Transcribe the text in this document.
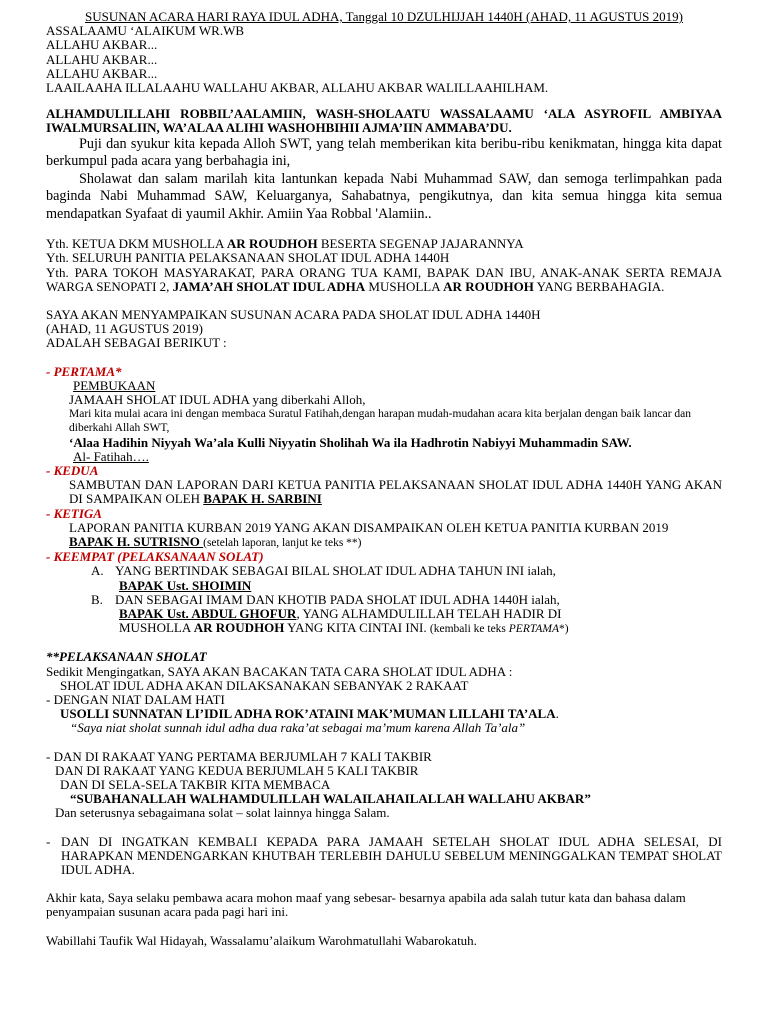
SUSUNAN ACARA HARI RAYA IDUL ADHA, Tanggal 10 DZULHIJJAH 1440H (AHAD, 11 AGUSTUS 2019)

ASSALAAMU ‘ALAIKUM WR.WB

ALLAHU AKBAR...

ALLAHU AKBAR...

ALLAHU AKBAR...

LAAILAAHA ILLALAAHU WALLAHU AKBAR, ALLAHU AKBAR WALILLAAHILHAM.

ALHAMDULILLAHI ROBBIL’AALAMIIN, WASH-SHOLAATU WASSALAAMU ‘ALA ASYROFIL AMBIYAA IWALMURSALIIN, WA’ALAA ALIHI WASHOHBIHII AJMA’IIN AMMABA’DU.

Puji dan syukur kita kepada Alloh SWT, yang telah memberikan kita beribu-ribu kenikmatan, hingga kita dapat berkumpul pada acara yang berbahagia ini,

Sholawat dan salam marilah kita lantunkan kepada Nabi Muhammad SAW, dan semoga terlimpahkan pada baginda Nabi Muhammad SAW, Keluarganya, Sahabatnya, pengikutnya, dan kita semua hingga kita semua mendapatkan Syafaat di yaumil Akhir. Amiin Yaa Robbal 'Alamiin..

Yth. KETUA DKM MUSHOLLA AR ROUDHOH BESERTA SEGENAP JAJARANNYA

Yth. SELURUH PANITIA PELAKSANAAN SHOLAT IDUL ADHA 1440H

Yth. PARA TOKOH MASYARAKAT, PARA ORANG TUA KAMI, BAPAK DAN IBU, ANAK-ANAK SERTA REMAJA WARGA SENOPATI 2, JAMA’AH SHOLAT IDUL ADHA MUSHOLLA AR ROUDHOH YANG BERBAHAGIA.

SAYA AKAN MENYAMPAIKAN SUSUNAN ACARA PADA SHOLAT IDUL ADHA 1440H

(AHAD, 11 AGUSTUS 2019)

ADALAH SEBAGAI BERIKUT :

- PERTAMA*

PEMBUKAAN

JAMAAH SHOLAT IDUL ADHA yang diberkahi Alloh,

Mari kita mulai acara ini dengan membaca Suratul Fatihah,dengan harapan mudah-mudahan acara kita berjalan dengan baik lancar dan diberkahi Allah SWT,

‘Alaa Hadihin Niyyah Wa’ala Kulli Niyyatin Sholihah Wa ila Hadhrotin Nabiyyi Muhammadin SAW.

Al- Fatihah….

- KEDUA

SAMBUTAN DAN LAPORAN DARI KETUA PANITIA PELAKSANAAN SHOLAT IDUL ADHA 1440H YANG AKAN DI SAMPAIKAN OLEH BAPAK H. SARBINI

- KETIGA

LAPORAN PANITIA KURBAN 2019 YANG AKAN DISAMPAIKAN OLEH KETUA PANITIA KURBAN 2019

BAPAK H. SUTRISNO (setelah laporan, lanjut ke teks **)

- KEEMPAT (PELAKSANAAN SOLAT)

A. YANG BERTINDAK SEBAGAI BILAL SHOLAT IDUL ADHA TAHUN INI ialah,

BAPAK Ust. SHOIMIN

B. DAN SEBAGAI IMAM DAN KHOTIB PADA SHOLAT IDUL ADHA 1440H ialah,

BAPAK Ust. ABDUL GHOFUR, YANG ALHAMDULILLAH TELAH HADIR DI

MUSHOLLA AR ROUDHOH YANG KITA CINTAI INI. (kembali ke teks PERTAMA*)

**PELAKSANAAN SHOLAT

Sedikit Mengingatkan, SAYA AKAN BACAKAN TATA CARA SHOLAT IDUL ADHA :

SHOLAT IDUL ADHA AKAN DILAKSANAKAN SEBANYAK 2 RAKAAT

- DENGAN NIAT DALAM HATI

USOLLI SUNNATAN LI’IDIL ADHA ROK’ATAINI MAK’MUMAN LILLAHI TA’ALA.

“Saya niat sholat sunnah idul adha dua raka’at sebagai ma’mum karena Allah Ta’ala”

- DAN DI RAKAAT YANG PERTAMA BERJUMLAH 7 KALI TAKBIR

DAN DI RAKAAT YANG KEDUA BERJUMLAH 5 KALI TAKBIR

DAN DI SELA-SELA TAKBIR KITA MEMBACA

“SUBAHANALLAH WALHAMDULILLAH WALAILAHAILALLAH WALLAHU AKBAR”

Dan seterusnya sebagaimana solat – solat lainnya hingga Salam.

- DAN DI INGATKAN KEMBALI KEPADA PARA JAMAAH SETELAH SHOLAT IDUL ADHA SELESAI, DI HARAPKAN MENDENGARKAN KHUTBAH TERLEBIH DAHULU SEBELUM MENINGGALKAN TEMPAT SHOLAT IDUL ADHA.

Akhir kata, Saya selaku pembawa acara mohon maaf yang sebesar- besarnya apabila ada salah tutur kata dan bahasa dalam penyampaian susunan acara pada pagi hari ini.

Wabillahi Taufik Wal Hidayah, Wassalamu’alaikum Warohmatullahi Wabarokatuh.
